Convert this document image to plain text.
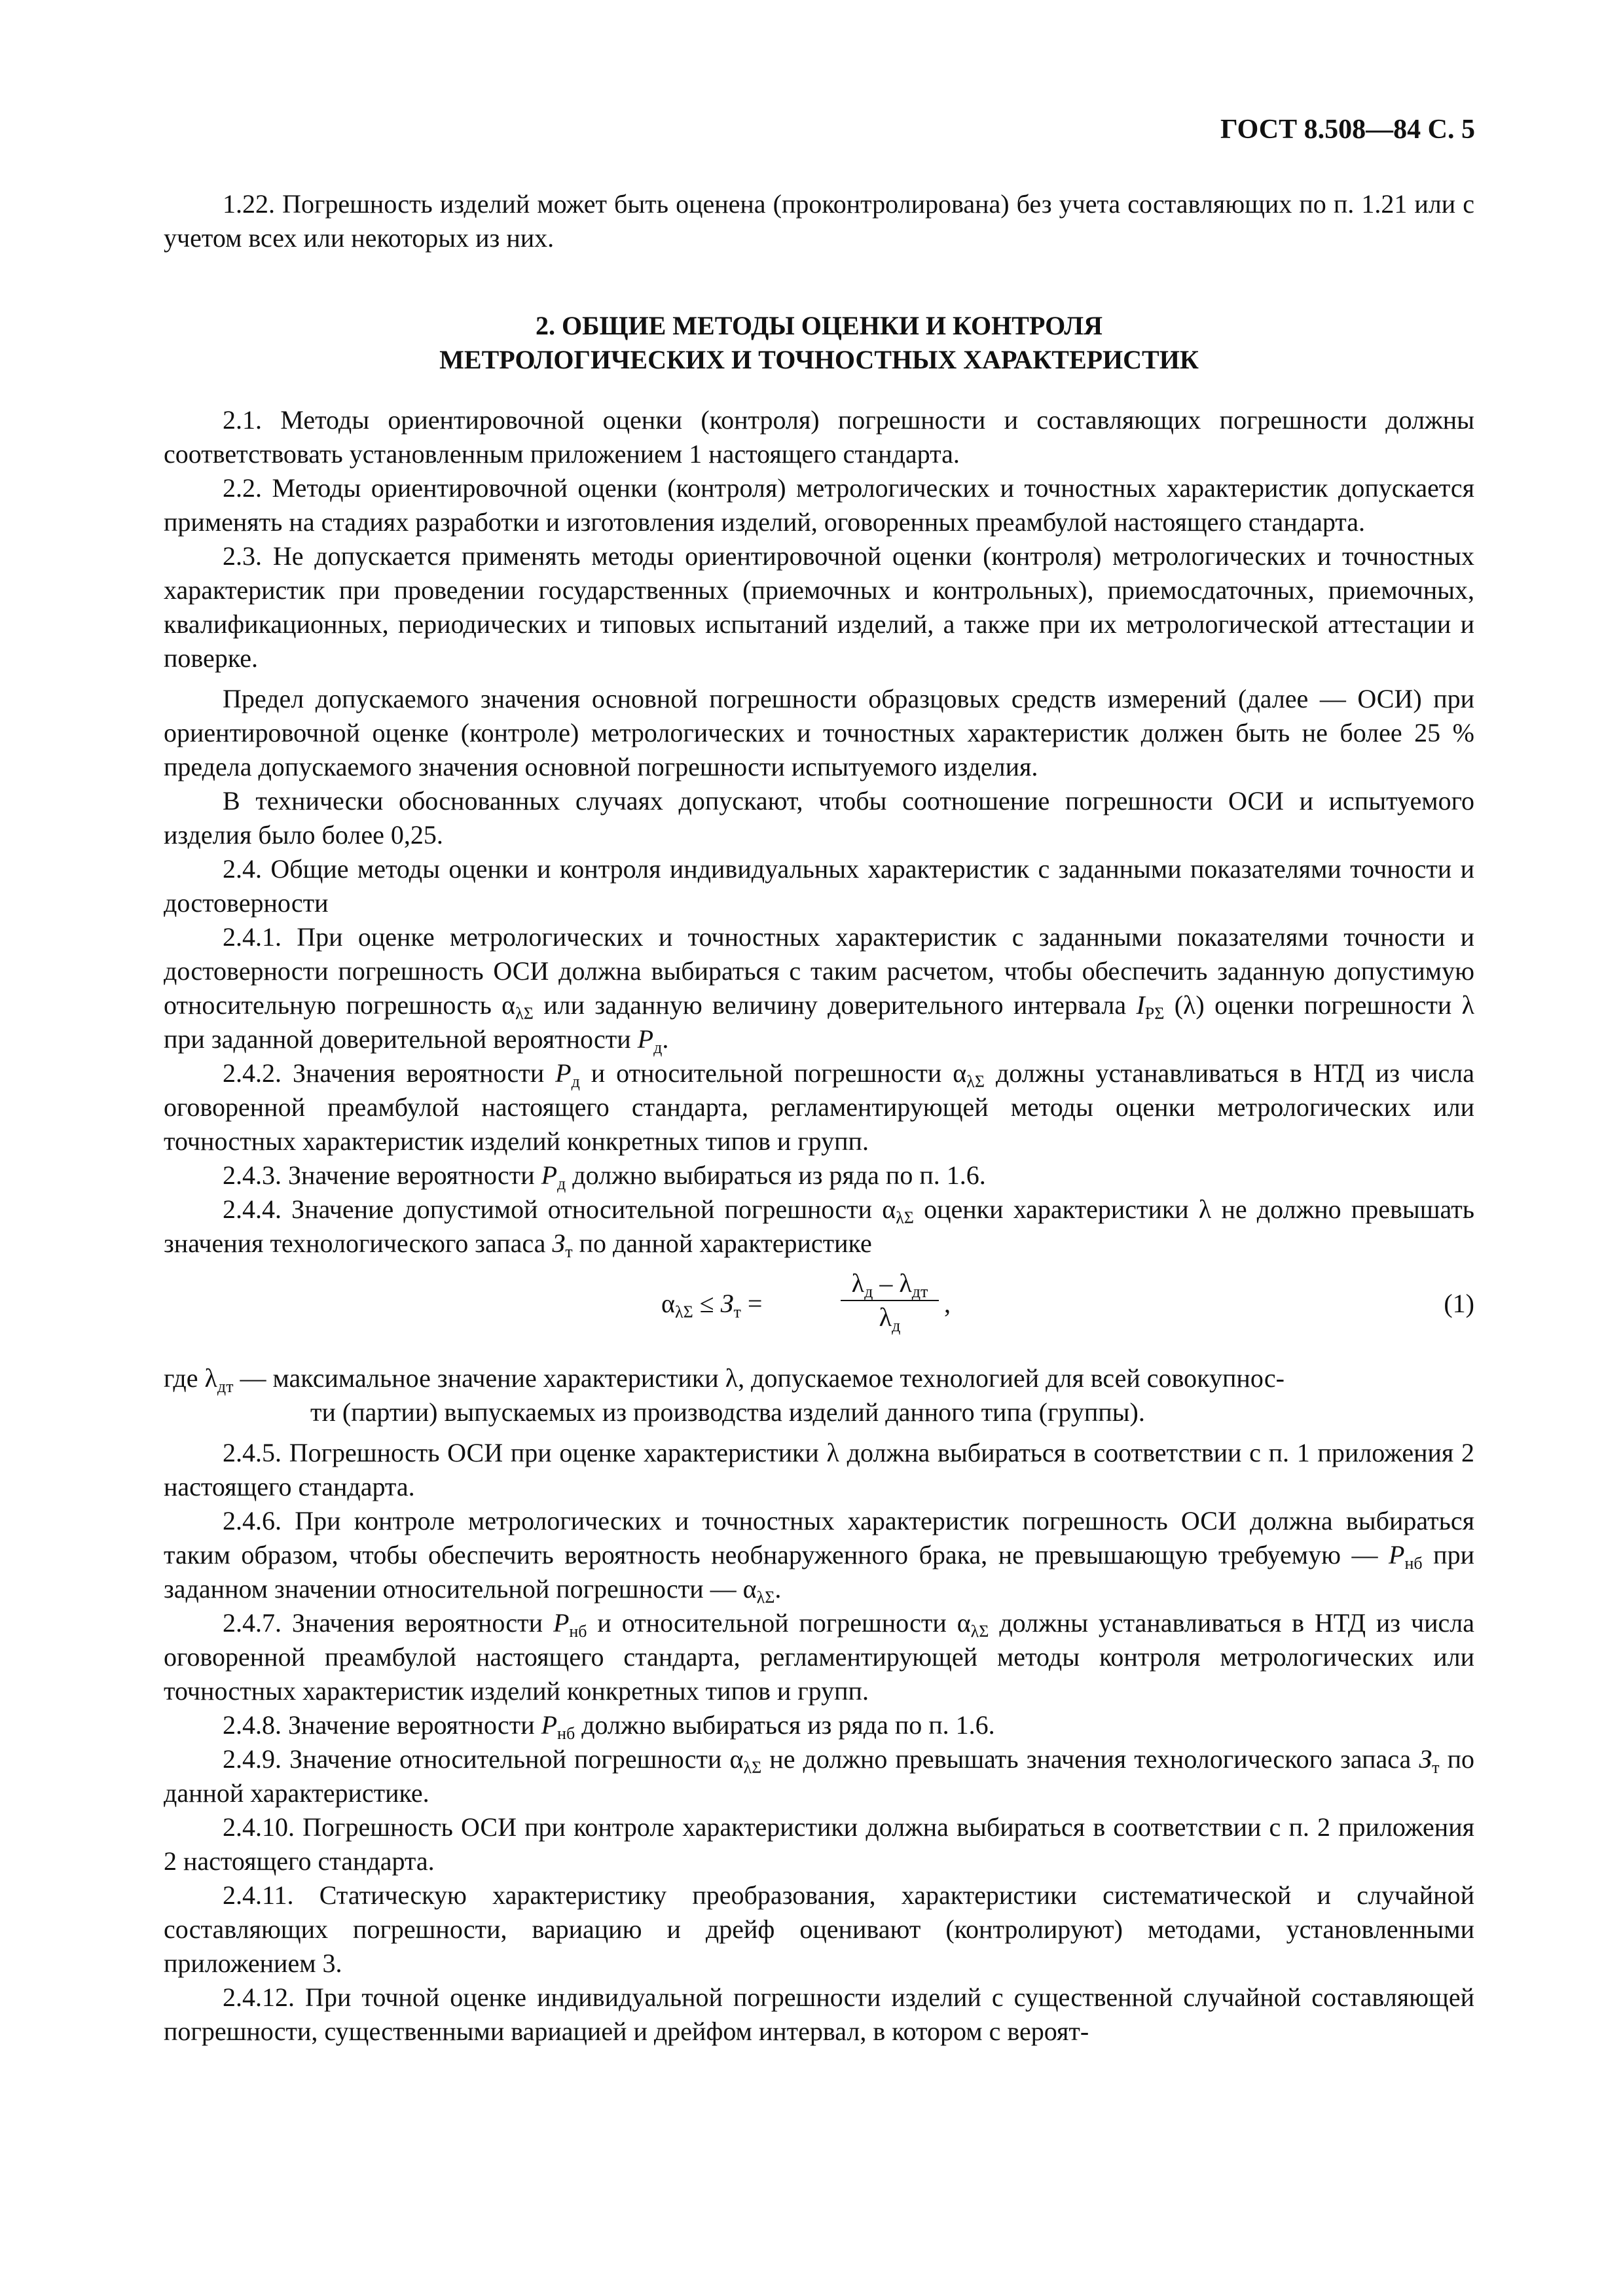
ГОСТ 8.508—84 С. 5

1.22. Погрешность изделий может быть оценена (проконтролирована) без учета составляющих по п. 1.21 или с учетом всех или некоторых из них.

2. ОБЩИЕ МЕТОДЫ ОЦЕНКИ И КОНТРОЛЯ
МЕТРОЛОГИЧЕСКИХ И ТОЧНОСТНЫХ ХАРАКТЕРИСТИК

2.1. Методы ориентировочной оценки (контроля) погрешности и составляющих погрешности должны соответствовать установленным приложением 1 настоящего стандарта.

2.2. Методы ориентировочной оценки (контроля) метрологических и точностных характеристик допускается применять на стадиях разработки и изготовления изделий, оговоренных преамбулой настоящего стандарта.

2.3. Не допускается применять методы ориентировочной оценки (контроля) метрологических и точностных характеристик при проведении государственных (приемочных и контрольных), приемосдаточных, приемочных, квалификационных, периодических и типовых испытаний изделий, а также при их метрологической аттестации и поверке.

Предел допускаемого значения основной погрешности образцовых средств измерений (далее — ОСИ) при ориентировочной оценке (контроле) метрологических и точностных характеристик должен быть не более 25 % предела допускаемого значения основной погрешности испытуемого изделия.

В технически обоснованных случаях допускают, чтобы соотношение погрешности ОСИ и испытуемого изделия было более 0,25.

2.4. Общие методы оценки и контроля индивидуальных характеристик с заданными показателями точности и достоверности

2.4.1. При оценке метрологических и точностных характеристик с заданными показателями точности и достоверности погрешность ОСИ должна выбираться с таким расчетом, чтобы обеспечить заданную допустимую относительную погрешность $\alpha_{\lambda\Sigma}$ или заданную величину доверительного интервала $I_{P\Sigma}$ (λ) оценки погрешности λ при заданной доверительной вероятности $P_д$.

2.4.2. Значения вероятности $P_д$ и относительной погрешности $\alpha_{\lambda\Sigma}$ должны устанавливаться в НТД из числа оговоренной преамбулой настоящего стандарта, регламентирующей методы оценки метрологических или точностных характеристик изделий конкретных типов и групп.

2.4.3. Значение вероятности $P_д$ должно выбираться из ряда по п. 1.6.

2.4.4. Значение допустимой относительной погрешности $\alpha_{\lambda\Sigma}$ оценки характеристики λ не должно превышать значения технологического запаса $З_т$ по данной характеристике

$\alpha_{\lambda\Sigma} \le З_т$ =
$\lambda_д - \lambda_{дт}$
$\lambda_д$
,	(1)

где $\lambda_{дт}$ — максимальное значение характеристики λ, допускаемое технологией для всей совокупнос-

ти (партии) выпускаемых из производства изделий данного типа (группы).

2.4.5. Погрешность ОСИ при оценке характеристики λ должна выбираться в соответствии с п. 1 приложения 2 настоящего стандарта.

2.4.6. При контроле метрологических и точностных характеристик погрешность ОСИ должна выбираться таким образом, чтобы обеспечить вероятность необнаруженного брака, не превышающую требуемую — $P_{нб}$ при заданном значении относительной погрешности — $\alpha_{\lambda\Sigma}$.

2.4.7. Значения вероятности $P_{нб}$ и относительной погрешности $\alpha_{\lambda\Sigma}$ должны устанавливаться в НТД из числа оговоренной преамбулой настоящего стандарта, регламентирующей методы контроля метрологических или точностных характеристик изделий конкретных типов и групп.

2.4.8. Значение вероятности $P_{нб}$ должно выбираться из ряда по п. 1.6.

2.4.9. Значение относительной погрешности $\alpha_{\lambda\Sigma}$ не должно превышать значения технологического запаса $З_т$ по данной характеристике.

2.4.10. Погрешность ОСИ при контроле характеристики должна выбираться в соответствии с п. 2 приложения 2 настоящего стандарта.

2.4.11. Статическую характеристику преобразования, характеристики систематической и случайной составляющих погрешности, вариацию и дрейф оценивают (контролируют) методами, установленными приложением 3.

2.4.12. При точной оценке индивидуальной погрешности изделий с существенной случайной составляющей погрешности, существенными вариацией и дрейфом интервал, в котором с вероят-
